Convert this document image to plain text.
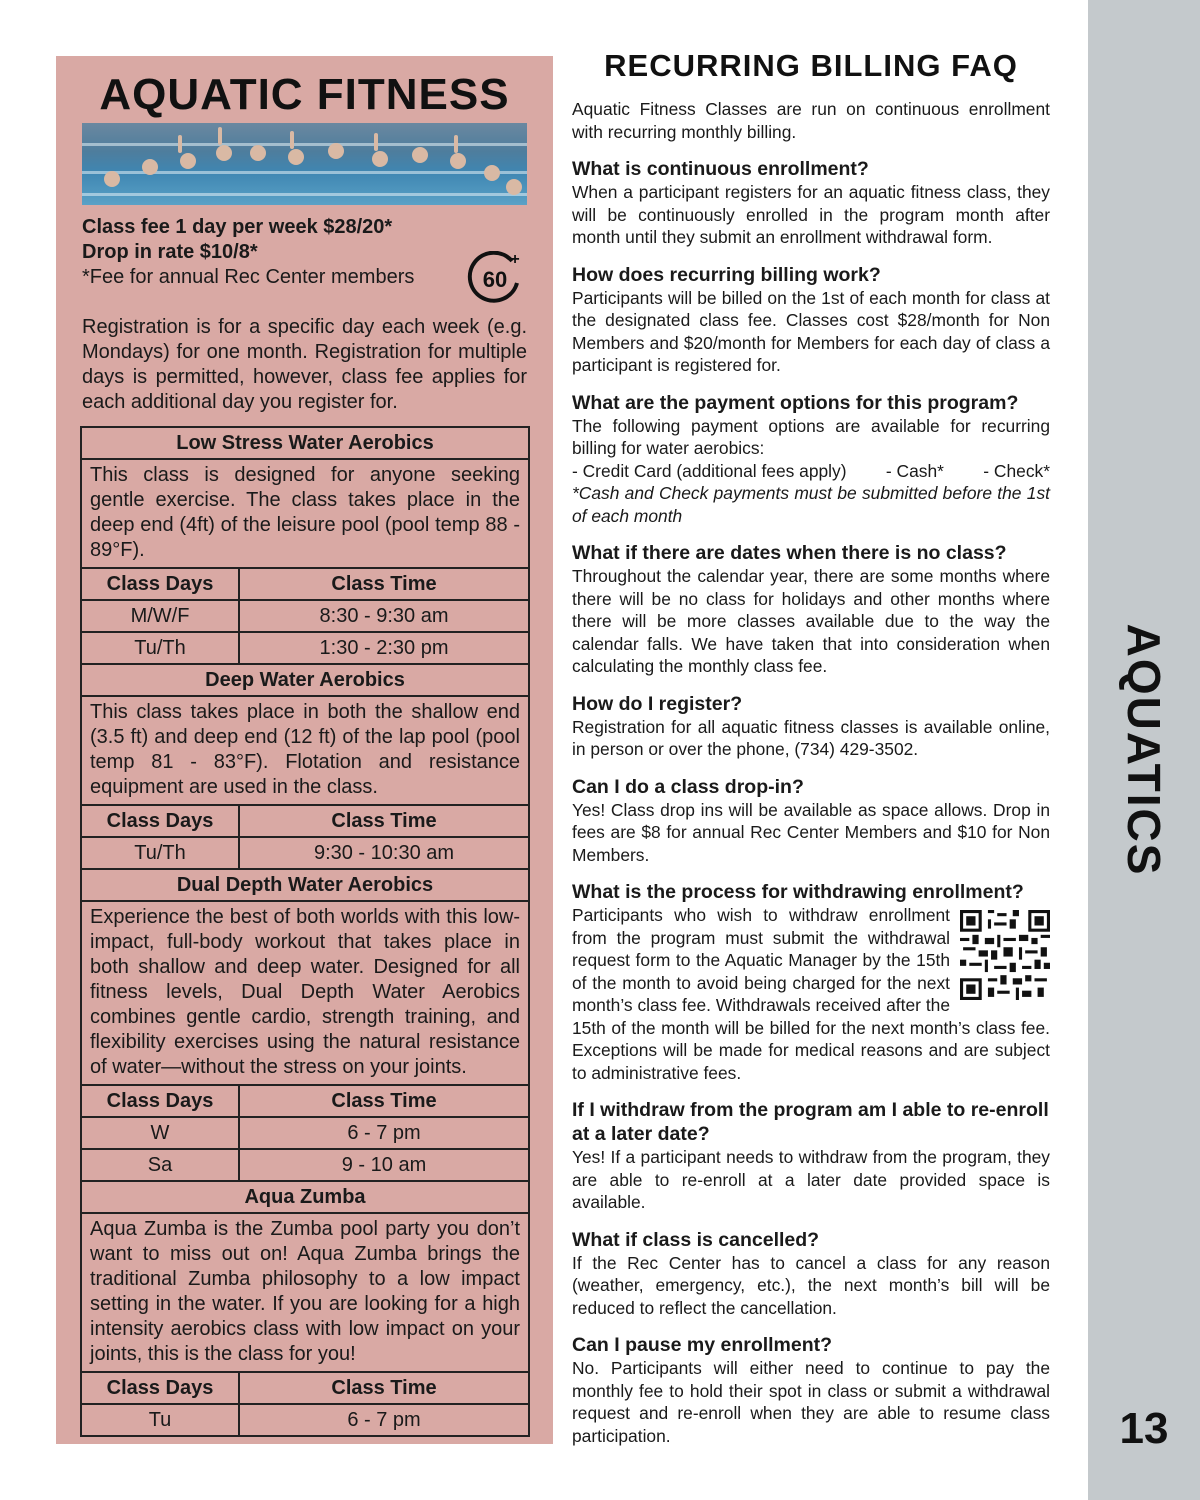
AQUATICS
13
AQUATIC FITNESS
Class fee 1 day per week $28/20*
Drop in rate $10/8*
*Fee for annual Rec Center members	60
+
Registration is for a specific day each week (e.g. Mondays) for one month. Registration for multiple days is permitted, however, class fee applies for each additional day you register for.
Low Stress Water Aerobics
This class is designed for anyone seeking gentle exercise. The class takes place in the deep end (4ft) of the leisure pool (pool temp 88 - 89°F).
Class Days	Class Time
M/W/F	8:30 - 9:30 am
Tu/Th	1:30 - 2:30 pm
Deep Water Aerobics
This class takes place in both the shallow end (3.5 ft) and deep end (12 ft) of the lap pool (pool temp 81 - 83°F). Flotation and resistance equipment are used in the class.
Class Days	Class Time
Tu/Th	9:30 - 10:30 am
Dual Depth Water Aerobics
Experience the best of both worlds with this low-impact, full-body workout that takes place in both shallow and deep water. Designed for all fitness levels, Dual Depth Water Aerobics combines gentle cardio, strength training, and flexibility exercises using the natural resistance of water—without the stress on your joints.
Class Days	Class Time
W	6 - 7 pm
Sa	9 - 10 am
Aqua Zumba
Aqua Zumba is the Zumba pool party you don’t want to miss out on! Aqua Zumba brings the traditional Zumba philosophy to a low impact setting in the water. If you are looking for a high intensity aerobics class with low impact on your joints, this is the class for you!
Class Days	Class Time
Tu	6 - 7 pm
RECURRING BILLING FAQ
Aquatic Fitness Classes are run on continuous enrollment with recurring monthly billing.
What is continuous enrollment?
When a participant registers for an aquatic fitness class, they will be continuously enrolled in the program month after month until they submit an enrollment withdrawal form.
How does recurring billing work?
Participants will be billed on the 1st of each month for class at the designated class fee. Classes cost $28/month for Non Members and $20/month for Members for each day of class a participant is registered for.
What are the payment options for this program?
The following payment options are available for recurring billing for water aerobics:
- Credit Card (additional fees apply) - Cash* - Check*
*Cash and Check payments must be submitted before the 1st of each month
What if there are dates when there is no class?
Throughout the calendar year, there are some months where there will be no class for holidays and other months where there will be more classes available due to the way the calendar falls. We have taken that into consideration when calculating the monthly class fee.
How do I register?
Registration for all aquatic fitness classes is available online, in person or over the phone, (734) 429-3502.
Can I do a class drop-in?
Yes! Class drop ins will be available as space allows. Drop in fees are $8 for annual Rec Center Members and $10 for Non Members.
What is the process for withdrawing enrollment?
Participants who wish to withdraw enrollment from the program must submit the withdrawal request form to the Aquatic Manager by the 15th of the month to avoid being charged for the next month’s class fee. Withdrawals received after the 15th of the month will be billed for the next month’s class fee. Exceptions will be made for medical reasons and are subject to administrative fees.
If I withdraw from the program am I able to re-enroll at a later date?
Yes! If a participant needs to withdraw from the program, they are able to re-enroll at a later date provided space is available.
What if class is cancelled?
If the Rec Center has to cancel a class for any reason (weather, emergency, etc.), the next month’s bill will be reduced to reflect the cancellation.
Can I pause my enrollment?
No. Participants will either need to continue to pay the monthly fee to hold their spot in class or submit a withdrawal request and re-enroll when they are able to resume class participation.
